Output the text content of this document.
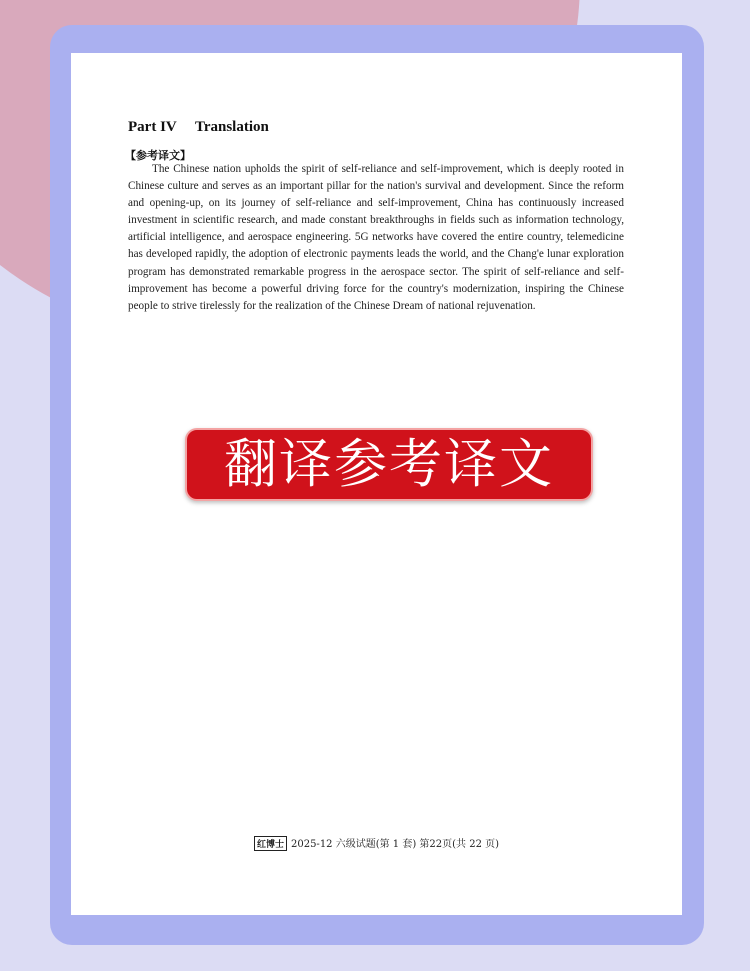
Part IV     Translation
【参考译文】

The Chinese nation upholds the spirit of self-reliance and self-improvement, which is deeply rooted in Chinese culture and serves as an important pillar for the nation's survival and development. Since the reform and opening-up, on its journey of self-reliance and self-improvement, China has continuously increased investment in scientific research, and made constant breakthroughs in fields such as information technology, artificial intelligence, and aerospace engineering. 5G networks have covered the entire country, telemedicine has developed rapidly, the adoption of electronic payments leads the world, and the Chang'e lunar exploration program has demonstrated remarkable progress in the aerospace sector. The spirit of self-reliance and self-improvement has become a powerful driving force for the country's modernization, inspiring the Chinese people to strive tirelessly for the realization of the Chinese Dream of national rejuvenation.

翻译参考译文
红博士 2025-12 六级试题(第 1 套) 第22页(共 22 页)
